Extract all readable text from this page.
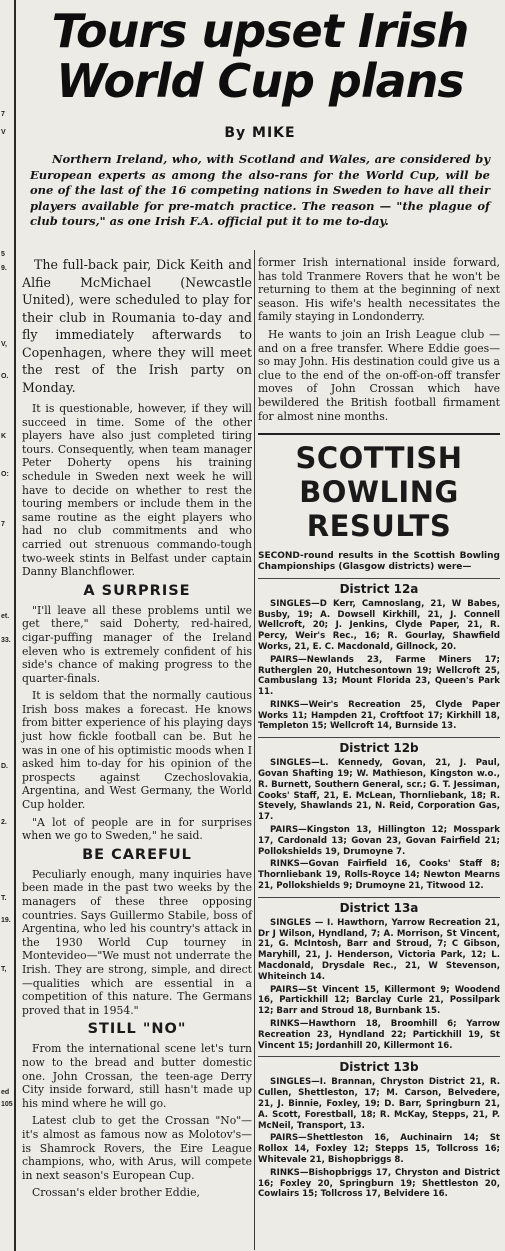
7
V
5
9.
V,
O.
K
O:
7
et.
33.
D.
2.
T.
19.
T,
ed
105
Tours upset Irish World Cup plans
By MIKE
Northern Ireland, who, with Scotland and Wales, are considered by European experts as among the also-rans for the World Cup, will be one of the last of the 16 competing nations in Sweden to have all their players available for pre-match practice. The reason — "the plague of club tours," as one Irish F.A. official put it to me to-day.

The full-back pair, Dick Keith and Alfie McMichael (Newcastle United), were scheduled to play for their club in Roumania to-day and fly immediately afterwards to Copenhagen, where they will meet the rest of the Irish party on Monday.

It is questionable, however, if they will succeed in time. Some of the other players have also just completed tiring tours. Consequently, when team manager Peter Doherty opens his training schedule in Sweden next week he will have to decide on whether to rest the touring members or include them in the same routine as the eight players who had no club commitments and who carried out strenuous commando-tough two-week stints in Belfast under captain Danny Blanchflower.

A SURPRISE

"I'll leave all these problems until we get there," said Doherty, red-haired, cigar-puffing manager of the Ireland eleven who is extremely confident of his side's chance of making progress to the quarter-finals.

It is seldom that the normally cautious Irish boss makes a forecast. He knows from bitter experience of his playing days just how fickle football can be. But he was in one of his optimistic moods when I asked him to-day for his opinion of the prospects against Czechoslovakia, Argentina, and West Germany, the World Cup holder.

"A lot of people are in for surprises when we go to Sweden," he said.

BE CAREFUL

Peculiarly enough, many inquiries have been made in the past two weeks by the managers of these three opposing countries. Says Guillermo Stabile, boss of Argentina, who led his country's attack in the 1930 World Cup tourney in Montevideo—"We must not underrate the Irish. They are strong, simple, and direct—qualities which are essential in a competition of this nature. The Germans proved that in 1954."

STILL "NO"

From the international scene let's turn now to the bread and butter domestic one. John Crossan, the teen-age Derry City inside forward, still hasn't made up his mind where he will go.

Latest club to get the Crossan "No"—it's almost as famous now as Molotov's—is Shamrock Rovers, the Eire League champions, who, with Arus, will compete in next season's European Cup.

Crossan's elder brother Eddie,

former Irish international inside forward, has told Tranmere Rovers that he won't be returning to them at the beginning of next season. His wife's health necessitates the family staying in Londonderry.

He wants to join an Irish League club — and on a free transfer. Where Eddie goes—so may John. His destination could give us a clue to the end of the on-off-on-off transfer moves of John Crossan which have bewildered the British football firmament for almost nine months.

SCOTTISH BOWLING RESULTS

SECOND-round results in the Scottish Bowling Championships (Glasgow districts) were—

District 12a

SINGLES—D Kerr, Camnoslang, 21, W Babes, Busby, 19; A. Dowsell Kirkhill, 21, J. Connell Wellcroft, 20; J. Jenkins, Clyde Paper, 21, R. Percy, Weir's Rec., 16; R. Gourlay, Shawfield Works, 21, E. C. Macdonald, Gillnock, 20.

PAIRS—Newlands 23, Farme Miners 17; Rutherglen 20, Hutchesontown 19; Wellcroft 25, Cambuslang 13; Mount Florida 23, Queen's Park 11.

RINKS—Weir's Recreation 25, Clyde Paper Works 11; Hampden 21, Croftfoot 17; Kirkhill 18, Templeton 15; Wellcroft 14, Burnside 13.

District 12b

SINGLES—L. Kennedy, Govan, 21, J. Paul, Govan Shafting 19; W. Mathieson, Kingston w.o., R. Burnett, Southern General, scr.; G. T. Jessiman, Cooks' Staff, 21, E. McLean, Thornliebank, 18; R. Stevely, Shawlands 21, N. Reid, Corporation Gas, 17.

PAIRS—Kingston 13, Hillington 12; Mosspark 17, Cardonald 13; Govan 23, Govan Fairfield 21; Pollokshields 19, Drumoyne 7.

RINKS—Govan Fairfield 16, Cooks' Staff 8; Thornliebank 19, Rolls-Royce 14; Newton Mearns 21, Pollokshields 9; Drumoyne 21, Titwood 12.

District 13a

SINGLES — I. Hawthorn, Yarrow Recreation 21, Dr J Wilson, Hyndland, 7; A. Morrison, St Vincent, 21, G. McIntosh, Barr and Stroud, 7; C Gibson, Maryhill, 21, J. Henderson, Victoria Park, 12; L. Macdonald, Drysdale Rec., 21, W Stevenson, Whiteinch 14.

PAIRS—St Vincent 15, Killermont 9; Woodend 16, Partickhill 12; Barclay Curle 21, Possilpark 12; Barr and Stroud 18, Burnbank 15.

RINKS—Hawthorn 18, Broomhill 6; Yarrow Recreation 23, Hyndland 22; Partickhill 19, St Vincent 15; Jordanhill 20, Killermont 16.

District 13b

SINGLES—I. Brannan, Chryston District 21, R. Cullen, Shettleston, 17; M. Carson, Belvedere, 21, J. Binnie, Foxley, 19; D. Barr, Springburn 21, A. Scott, Forestball, 18; R. McKay, Stepps, 21, P. McNeil, Transport, 13.

PAIRS—Shettleston 16, Auchinairn 14; St Rollox 14, Foxley 12; Stepps 15, Tollcross 16; Whitevale 21, Bishopbriggs 8.

RINKS—Bishopbriggs 17, Chryston and District 16; Foxley 20, Springburn 19; Shettleston 20, Cowlairs 15; Tollcross 17, Belvidere 16.
